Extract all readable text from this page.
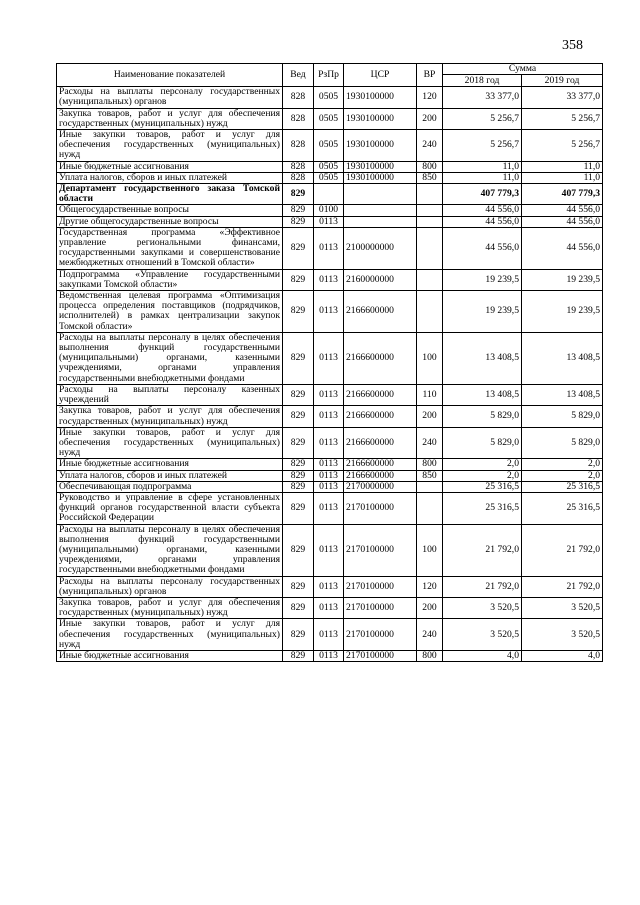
358
Наименование показателей	Вед	РзПр	ЦСР	ВР	Сумма	
					2018 год	2019 год
Расходы на выплаты персоналу государственных (муниципальных) органов	828	0505	1930100000	120	33 377,0	33 377,0
Закупка товаров, работ и услуг для обеспечения государственных (муниципальных) нужд	828	0505	1930100000	200	5 256,7	5 256,7
Иные закупки товаров, работ и услуг для обеспечения государственных (муниципальных) нужд	828	0505	1930100000	240	5 256,7	5 256,7
Иные бюджетные ассигнования	828	0505	1930100000	800	11,0	11,0
Уплата налогов, сборов и иных платежей	828	0505	1930100000	850	11,0	11,0
Департамент государственного заказа Томской области	829				407 779,3	407 779,3
Общегосударственные вопросы	829	0100			44 556,0	44 556,0
Другие общегосударственные вопросы	829	0113			44 556,0	44 556,0
Государственная программа «Эффективное управление региональными финансами, государственными закупками и совершенствование межбюджетных отношений в Томской области»	829	0113	2100000000		44 556,0	44 556,0
Подпрограмма «Управление государственными закупками Томской области»	829	0113	2160000000		19 239,5	19 239,5
Ведомственная целевая программа «Оптимизация процесса определения поставщиков (подрядчиков, исполнителей) в рамках централизации закупок Томской области»	829	0113	2166600000		19 239,5	19 239,5
Расходы на выплаты персоналу в целях обеспечения выполнения функций государственными (муниципальными) органами, казенными учреждениями, органами управления государственными внебюджетными фондами	829	0113	2166600000	100	13 408,5	13 408,5
Расходы на выплаты персоналу казенных учреждений	829	0113	2166600000	110	13 408,5	13 408,5
Закупка товаров, работ и услуг для обеспечения государственных (муниципальных) нужд	829	0113	2166600000	200	5 829,0	5 829,0
Иные закупки товаров, работ и услуг для обеспечения государственных (муниципальных) нужд	829	0113	2166600000	240	5 829,0	5 829,0
Иные бюджетные ассигнования	829	0113	2166600000	800	2,0	2,0
Уплата налогов, сборов и иных платежей	829	0113	2166600000	850	2,0	2,0
Обеспечивающая подпрограмма	829	0113	2170000000		25 316,5	25 316,5
Руководство и управление в сфере установленных функций органов государственной власти субъекта Российской Федерации	829	0113	2170100000		25 316,5	25 316,5
Расходы на выплаты персоналу в целях обеспечения выполнения функций государственными (муниципальными) органами, казенными учреждениями, органами управления государственными внебюджетными фондами	829	0113	2170100000	100	21 792,0	21 792,0
Расходы на выплаты персоналу государственных (муниципальных) органов	829	0113	2170100000	120	21 792,0	21 792,0
Закупка товаров, работ и услуг для обеспечения государственных (муниципальных) нужд	829	0113	2170100000	200	3 520,5	3 520,5
Иные закупки товаров, работ и услуг для обеспечения государственных (муниципальных) нужд	829	0113	2170100000	240	3 520,5	3 520,5
Иные бюджетные ассигнования	829	0113	2170100000	800	4,0	4,0
